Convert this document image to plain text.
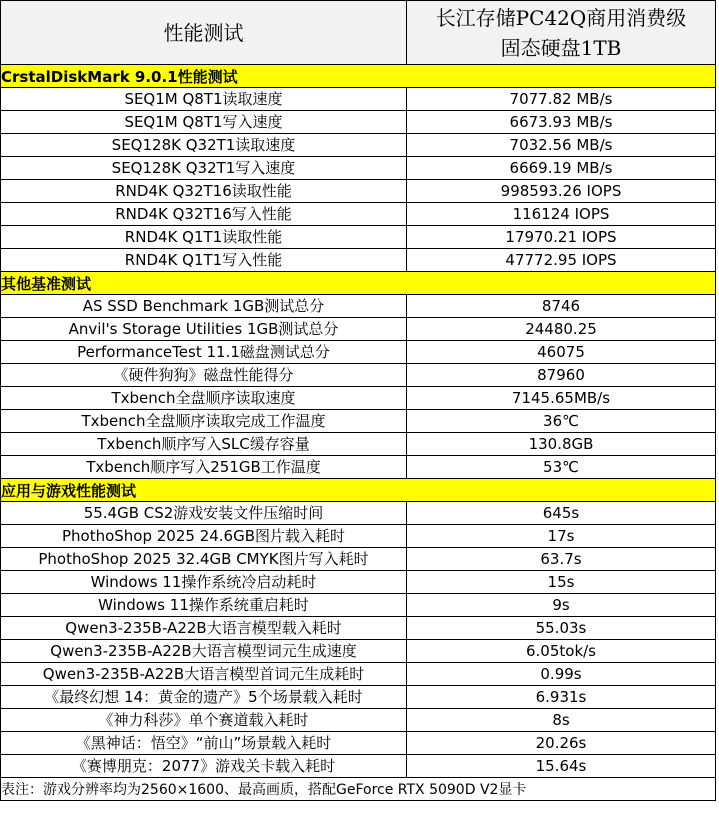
性能测试	长江存储PC42Q商用消费级
固态硬盘1TB

CrstalDiskMark 9.0.1性能测试	
SEQ1M Q8T1读取速度	7077.82 MB/s
SEQ1M Q8T1写入速度	6673.93 MB/s
SEQ128K Q32T1读取速度	7032.56 MB/s
SEQ128K Q32T1写入速度	6669.19 MB/s
RND4K Q32T16读取性能	998593.26 IOPS
RND4K Q32T16写入性能	116124 IOPS
RND4K Q1T1读取性能	17970.21 IOPS
RND4K Q1T1写入性能	47772.95 IOPS
其他基准测试	
AS SSD Benchmark 1GB测试总分	8746
Anvil's Storage Utilities 1GB测试总分	24480.25
PerformanceTest 11.1磁盘测试总分	46075
《硬件狗狗》磁盘性能得分	87960
Txbench全盘顺序读取速度	7145.65MB/s
Txbench全盘顺序读取完成工作温度	36℃
Txbench顺序写入SLC缓存容量	130.8GB
Txbench顺序写入251GB工作温度	53℃
应用与游戏性能测试	
55.4GB CS2游戏安装文件压缩时间	645s
PhothoShop 2025 24.6GB图片载入耗时	17s
PhothoShop 2025 32.4GB CMYK图片写入耗时	63.7s
Windows 11操作系统冷启动耗时	15s
Windows 11操作系统重启耗时	9s
Qwen3-235B-A22B大语言模型载入耗时	55.03s
Qwen3-235B-A22B大语言模型词元生成速度	6.05tok/s
Qwen3-235B-A22B大语言模型首词元生成耗时	0.99s
《最终幻想 14：黄金的遗产》5个场景载入耗时	6.931s
《神力科莎》单个赛道载入耗时	8s
《黑神话：悟空》“前山”场景载入耗时	20.26s
《赛博朋克：2077》游戏关卡载入耗时	15.64s
表注：游戏分辨率均为2560×1600、最高画质，搭配GeForce RTX 5090D V2显卡	
